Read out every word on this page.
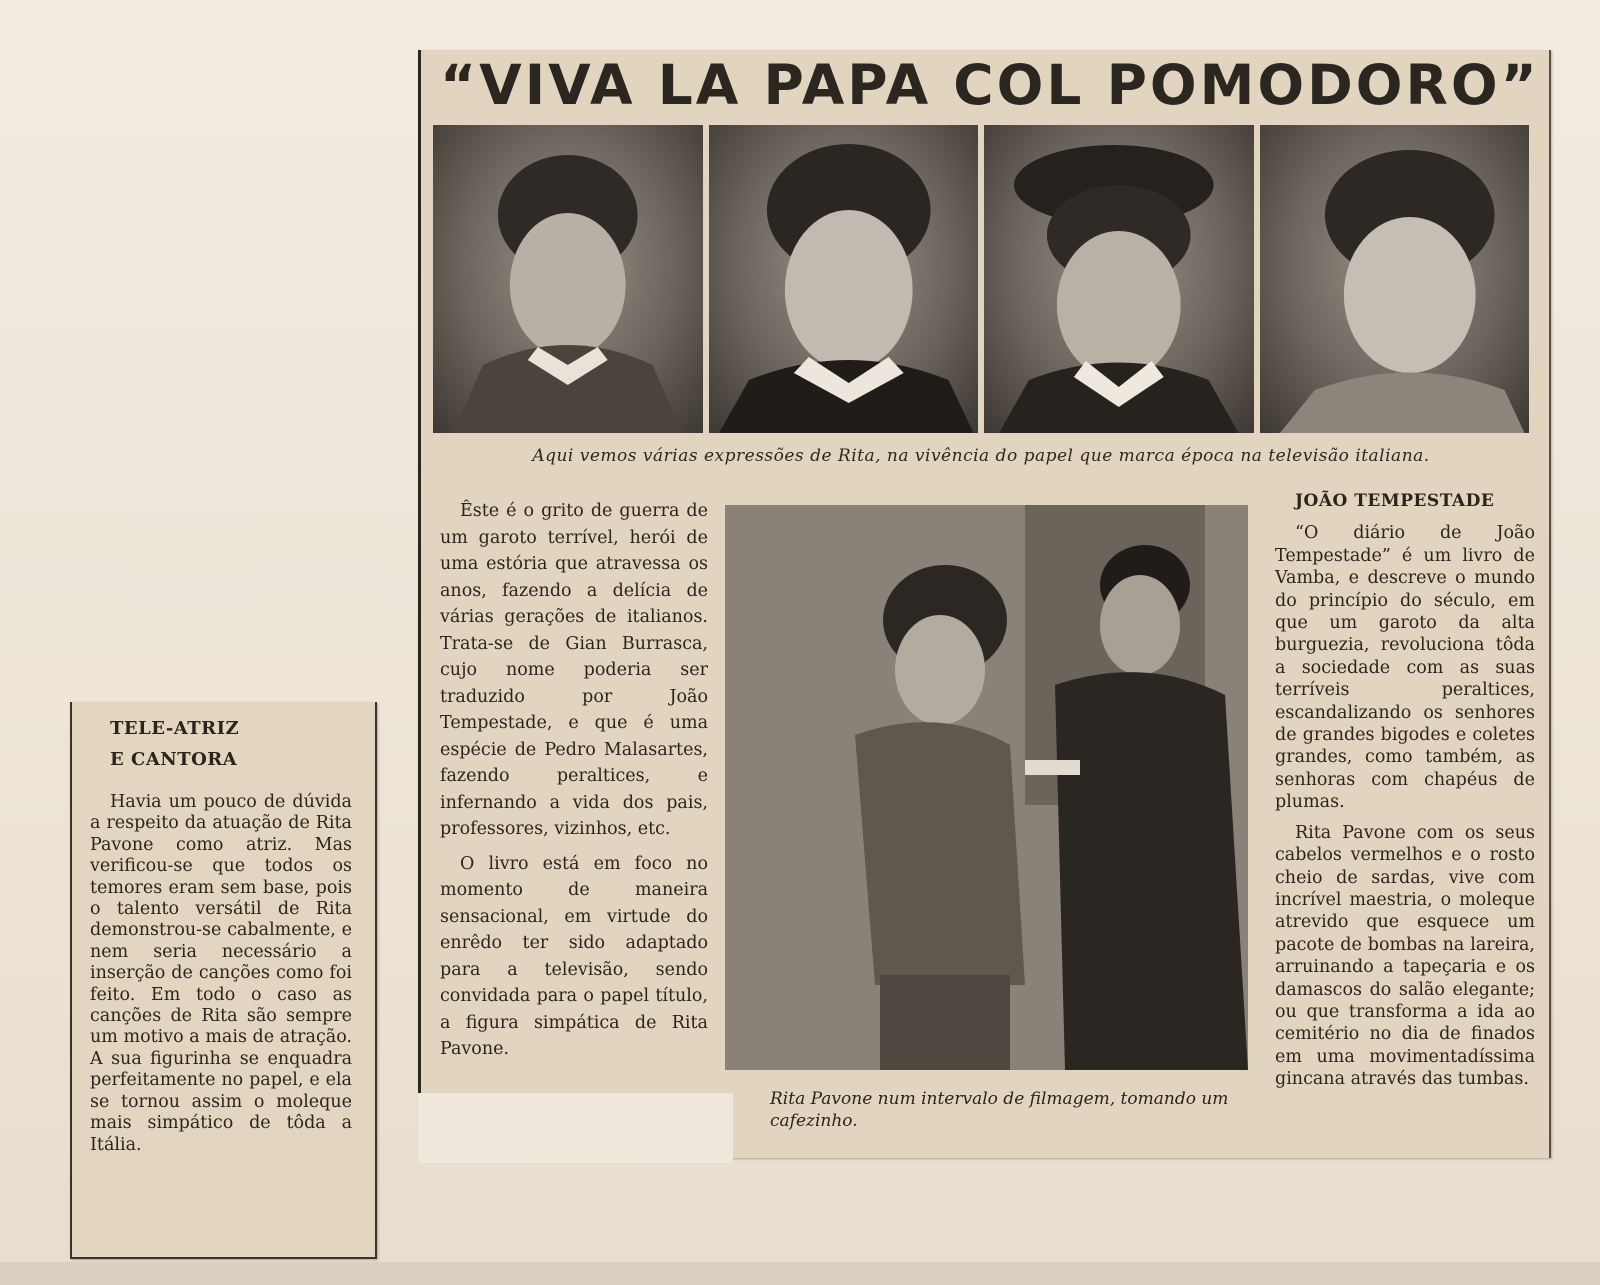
“VIVA LA PAPA COL POMODORO”
Aqui vemos várias expressões de Rita, na vivência do papel que marca época na televisão italiana.

Êste é o grito de guerra de um garoto terrível, herói de uma estória que atravessa os anos, fazendo a delícia de várias gerações de italianos. Trata-se de Gian Burrasca, cujo nome poderia ser traduzido por João Tempestade, e que é uma espécie de Pedro Malasartes, fazendo peraltices, e infernando a vida dos pais, professores, vizinhos, etc.

O livro está em foco no momento de maneira sensacional, em virtude do enrêdo ter sido adaptado para a televisão, sendo convidada para o papel título, a figura simpática de Rita Pavone.

Rita Pavone num intervalo de filmagem, tomando um cafezinho.
JOÃO TEMPESTADE

“O diário de João Tempestade” é um livro de Vamba, e descreve o mundo do princípio do século, em que um garoto da alta burguezia, revoluciona tôda a sociedade com as suas terríveis peraltices, escandalizando os senhores de grandes bigodes e coletes grandes, como também, as senhoras com chapéus de plumas.

Rita Pavone com os seus cabelos vermelhos e o rosto cheio de sardas, vive com incrível maestria, o moleque atrevido que esquece um pacote de bombas na lareira, arruinando a tapeçaria e os damascos do salão elegante; ou que transforma a ida ao cemitério no dia de finados em uma movimentadíssima gincana através das tumbas.

TELE-ATRIZ
E CANTORA

Havia um pouco de dúvida a respeito da atuação de Rita Pavone como atriz. Mas verificou-se que todos os temores eram sem base, pois o talento versátil de Rita demonstrou-se cabalmente, e nem seria necessário a inserção de canções como foi feito. Em todo o caso as canções de Rita são sempre um motivo a mais de atração. A sua figurinha se enquadra perfeitamente no papel, e ela se tornou assim o moleque mais simpático de tôda a Itália.
